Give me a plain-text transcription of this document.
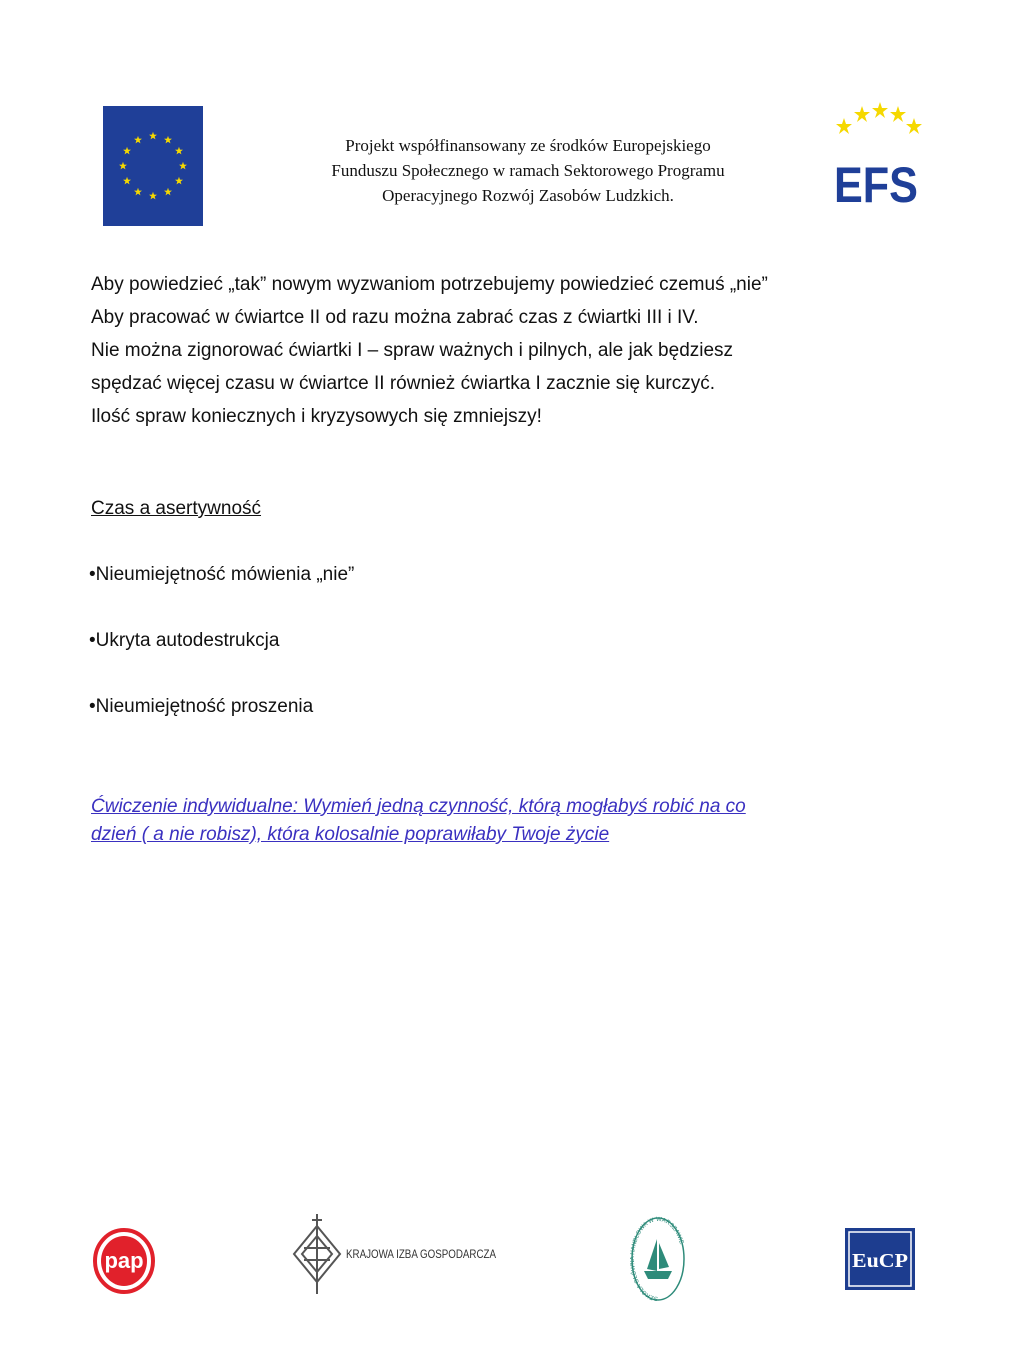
Projekt współfinansowany ze środków Europejskiego
Funduszu Społecznego w ramach Sektorowego Programu
Operacyjnego Rozwój Zasobów Ludzkich.	EFS
Aby powiedzieć „tak” nowym wyzwaniom potrzebujemy powiedzieć czemuś „nie”
Aby pracować w ćwiartce II od razu można zabrać czas z ćwiartki III i IV.
Nie można zignorować ćwiartki I – spraw ważnych i pilnych, ale jak będziesz
spędzać więcej czasu w ćwiartce II również ćwiartka I zacznie się kurczyć.
Ilość spraw koniecznych i kryzysowych się zmniejszy!
Czas a asertywność
•Nieumiejętność mówienia „nie”
•Ukryta autodestrukcja
•Nieumiejętność proszenia
Ćwiczenie indywidualne: Wymień jedną czynność, którą mogłabyś robić na co
dzień ( a nie robisz), która kolosalnie poprawiłaby Twoje życie
pap	KRAJOWA IZBA GOSPODARCZA
SZKOŁA GŁÓWNA HANDLOWA W WARSZAWIE
EuCP
